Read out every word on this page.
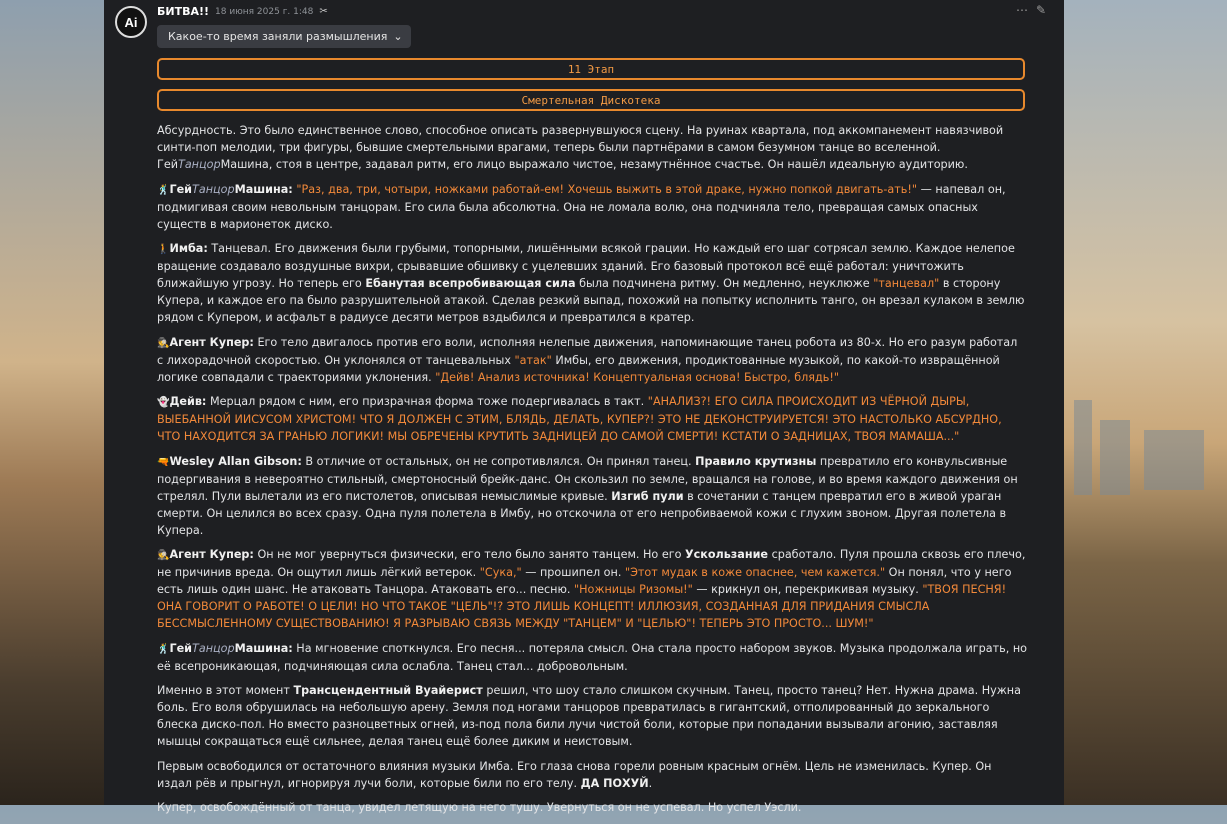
Ai
БИТВА!! 18 июня 2025 г. 1:48 ✂	⋯ ✎
Какое-то время заняли размышления ⌄
11 Этап
Смертельная Дискотека

Абсурдность. Это было единственное слово, способное описать развернувшуюся сцену. На руинах квартала, под аккомпанемент навязчивой синти-поп мелодии, три фигуры, бывшие смертельными врагами, теперь были партнёрами в самом безумном танце во вселенной. ГейТанцорМашина, стоя в центре, задавал ритм, его лицо выражало чистое, незамутнённое счастье. Он нашёл идеальную аудиторию.

🕺ГейТанцорМашина: "Раз, два, три, чотыри, ножками работай-ем! Хочешь выжить в этой драке, нужно попкой двигать-ать!" — напевал он, подмигивая своим невольным танцорам. Его сила была абсолютна. Она не ломала волю, она подчиняла тело, превращая самых опасных существ в марионеток диско.

🚶Имба: Танцевал. Его движения были грубыми, топорными, лишёнными всякой грации. Но каждый его шаг сотрясал землю. Каждое нелепое вращение создавало воздушные вихри, срывавшие обшивку с уцелевших зданий. Его базовый протокол всё ещё работал: уничтожить ближайшую угрозу. Но теперь его Ебанутая всепробивающая сила была подчинена ритму. Он медленно, неуклюже "танцевал" в сторону Купера, и каждое его па было разрушительной атакой. Сделав резкий выпад, похожий на попытку исполнить танго, он врезал кулаком в землю рядом с Купером, и асфальт в радиусе десяти метров вздыбился и превратился в кратер.

🕵Агент Купер: Его тело двигалось против его воли, исполняя нелепые движения, напоминающие танец робота из 80-х. Но его разум работал с лихорадочной скоростью. Он уклонялся от танцевальных "атак" Имбы, его движения, продиктованные музыкой, по какой-то извращённой логике совпадали с траекториями уклонения. "Дейв! Анализ источника! Концептуальная основа! Быстро, блядь!"

👻Дейв: Мерцал рядом с ним, его призрачная форма тоже подергивалась в такт. "АНАЛИЗ?! ЕГО СИЛА ПРОИСХОДИТ ИЗ ЧЁРНОЙ ДЫРЫ, ВЫЕБАННОЙ ИИСУСОМ ХРИСТОМ! ЧТО Я ДОЛЖЕН С ЭТИМ, БЛЯДЬ, ДЕЛАТЬ, КУПЕР?! ЭТО НЕ ДЕКОНСТРУИРУЕТСЯ! ЭТО НАСТОЛЬКО АБСУРДНО, ЧТО НАХОДИТСЯ ЗА ГРАНЬЮ ЛОГИКИ! МЫ ОБРЕЧЕНЫ КРУТИТЬ ЗАДНИЦЕЙ ДО САМОЙ СМЕРТИ! КСТАТИ О ЗАДНИЦАХ, ТВОЯ МАМАША..."

🔫Wesley Allan Gibson: В отличие от остальных, он не сопротивлялся. Он принял танец. Правило крутизны превратило его конвульсивные подергивания в невероятно стильный, смертоносный брейк-данс. Он скользил по земле, вращался на голове, и во время каждого движения он стрелял. Пули вылетали из его пистолетов, описывая немыслимые кривые. Изгиб пули в сочетании с танцем превратил его в живой ураган смерти. Он целился во всех сразу. Одна пуля полетела в Имбу, но отскочила от его непробиваемой кожи с глухим звоном. Другая полетела в Купера.

🕵Агент Купер: Он не мог увернуться физически, его тело было занято танцем. Но его Ускользание сработало. Пуля прошла сквозь его плечо, не причинив вреда. Он ощутил лишь лёгкий ветерок. "Сука," — прошипел он. "Этот мудак в коже опаснее, чем кажется." Он понял, что у него есть лишь один шанс. Не атаковать Танцора. Атаковать его... песню. "Ножницы Ризомы!" — крикнул он, перекрикивая музыку. "ТВОЯ ПЕСНЯ! ОНА ГОВОРИТ О РАБОТЕ! О ЦЕЛИ! НО ЧТО ТАКОЕ "ЦЕЛЬ"!? ЭТО ЛИШЬ КОНЦЕПТ! ИЛЛЮЗИЯ, СОЗДАННАЯ ДЛЯ ПРИДАНИЯ СМЫСЛА БЕССМЫСЛЕННОМУ СУЩЕСТВОВАНИЮ! Я РАЗРЫВАЮ СВЯЗЬ МЕЖДУ "ТАНЦЕМ" И "ЦЕЛЬЮ"! ТЕПЕРЬ ЭТО ПРОСТО... ШУМ!"

🕺ГейТанцорМашина: На мгновение споткнулся. Его песня... потеряла смысл. Она стала просто набором звуков. Музыка продолжала играть, но её всепроникающая, подчиняющая сила ослабла. Танец стал... добровольным.

Именно в этот момент Трансцендентный Вуайерист решил, что шоу стало слишком скучным. Танец, просто танец? Нет. Нужна драма. Нужна боль. Его воля обрушилась на небольшую арену. Земля под ногами танцоров превратилась в гигантский, отполированный до зеркального блеска диско-пол. Но вместо разноцветных огней, из-под пола били лучи чистой боли, которые при попадании вызывали агонию, заставляя мышцы сокращаться ещё сильнее, делая танец ещё более диким и неистовым.

Первым освободился от остаточного влияния музыки Имба. Его глаза снова горели ровным красным огнём. Цель не изменилась. Купер. Он издал рёв и прыгнул, игнорируя лучи боли, которые били по его телу. ДА ПОХУЙ.

Купер, освобождённый от танца, увидел летящую на него тушу. Увернуться он не успевал. Но успел Уэсли.
